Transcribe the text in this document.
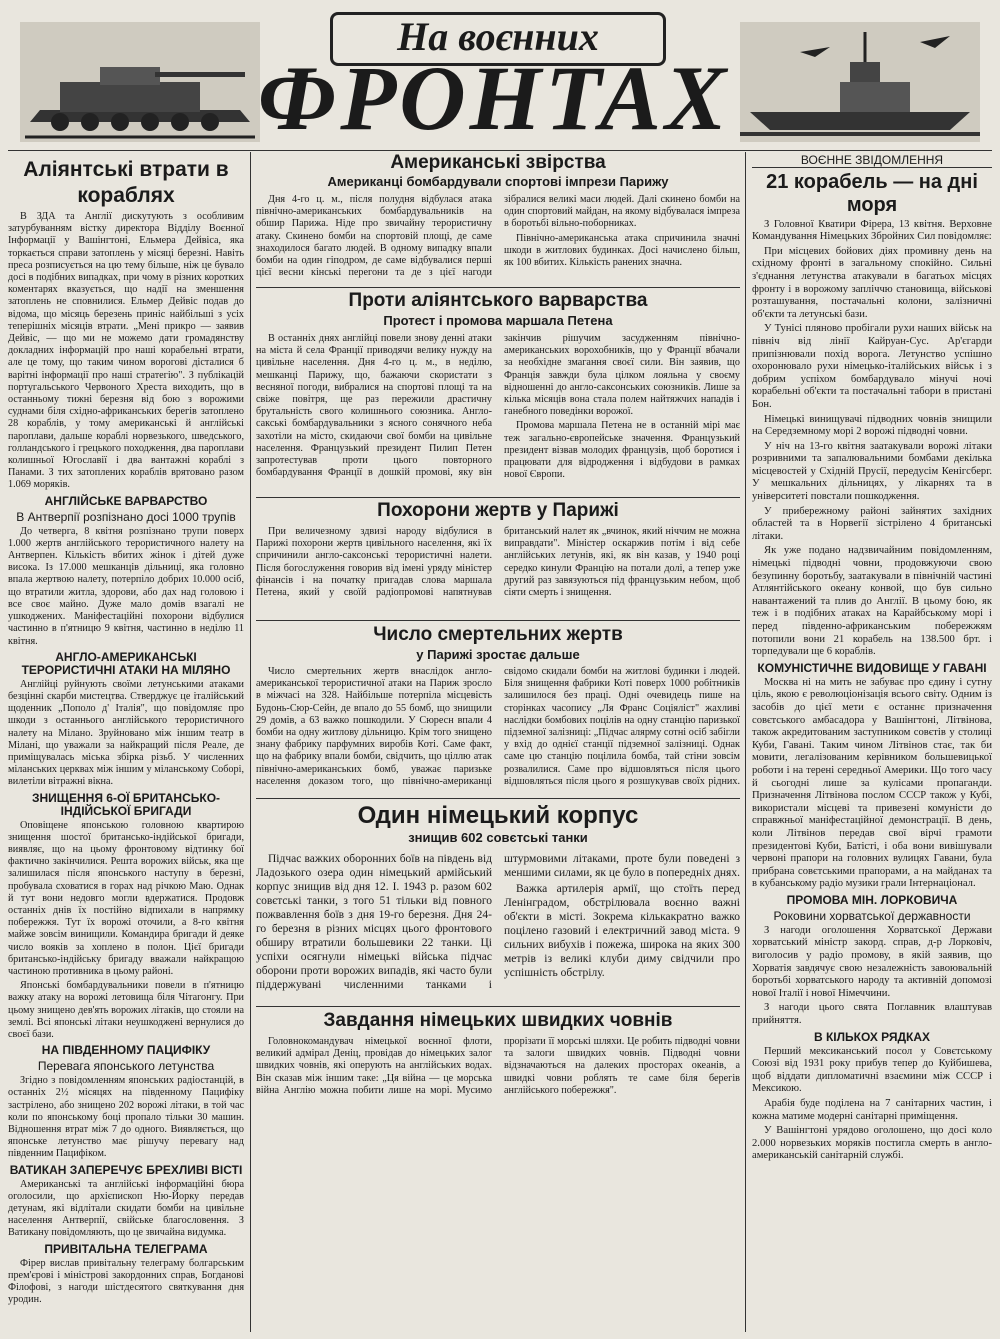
На воєнних
ФРОНТАХ
Аліянтські втрати в кораблях

В ЗДА та Англії дискутують з особливим затурбуванням вістку директора Відділу Воєнної Інформації у Вашінгтоні, Ельмера Дейвіса, яка торкається справи затоплень у місяці березні. Навіть преса розписується на цю тему більше, ніж це бувало досі в подібних випадках, при чому в різних коротких коментарях вказується, що надії на зменшення затоплень не сповнилися. Ельмер Дейвіс подав до відома, що місяць березень приніс найбільші з усіх теперішніх місяців втрати. „Мені прикро — заявив Дейвіс, — що ми не можемо дати громадянству докладних інформацій про наші корабельні втрати, але це тому, що таким чином ворогові дісталися б варітні інформації про наші стратегію". З публікацій португальського Червоного Хреста виходить, що в останньому тижні березня від бою з ворожими суднами біля східно-африканських берегів затоплено 28 кораблів, у тому американські й англійські пароплави, дальше кораблі норвезького, шведського, голландського і грецького походження, два пароплави колишньої Югославії і два вантажні кораблі з Панами. З тих затоплених кораблів врятовано разом 1.069 моряків.

АНГЛІЙСЬКЕ ВАРВАРСТВО
В Антверпії розпізнано досі 1000 трупів

До четверга, 8 квітня розпізнано трупи поверх 1.000 жертв англійського терористичного налету на Антверпен. Кількість вбитих жінок і дітей дуже висока. Із 17.000 мешканців дільниці, яка головно впала жертвою налету, потерпіло добрих 10.000 осіб, що втратили житла, здорови, або дах над головою і все своє майно. Дуже мало домів взагалі не ушкоджених. Маніфестаційні похорони відбулися частинно в п'ятницю 9 квітня, частинно в неділю 11 квітня.

АНГЛО-АМЕРИКАНСЬКІ ТЕРОРИСТИЧНІ АТАКИ НА МІЛЯНО

Англійці руйнують своїми летунськими атаками безцінні скарби мистецтва. Стверджує це італійський щоденник „Пополо д' Італія", що повідомляє про шкоди з останнього англійського терористичного налету на Мілано. Зруйновано між іншим театр в Мілані, що уважали за найкращий після Реале, де приміщувалась міська збірка різьб. У численних міланських церквах між іншим у міланському Соборі, вилетіли вітражні вікна.

ЗНИЩЕННЯ 6-ОЇ БРИТАНСЬКО-ІНДІЙСЬКОЇ БРИГАДИ

Оповіщене японською головною квартирою знищення шостої британсько-індійської бригади, виявляє, що на цьому фронтовому відтинку бої фактично закінчилися. Решта ворожих військ, яка ще залишилася після японського наступу в березні, пробувала сховатися в горах над річкою Маю. Однак й тут вони недовго могли вдержатися. Продовж останніх днів їх постійно відпихали в напрямку побережжя. Тут їх ворожі оточили, а 8-го квітня майже зовсім винищили. Командира бригади й деяке число вояків за хоплено в полон. Цієї бригади британсько-індійську бригаду вважали найкращою частиною противника в цьому районі.

Японські бомбардувальники повели в п'ятницю важку атаку на ворожі летовища біля Чітагонгу. При цьому знищено дев'ять ворожих літаків, що стояли на землі. Всі японські літаки неушкоджені вернулися до своєї бази.

НА ПІВДЕННОМУ ПАЦИФІКУ
Перевага японського летунства

Згідно з повідомленням японських радіостанцій, в останніх 2½ місяцях на південному Пацифіку застрілено, або знищено 202 ворожі літаки, в той час коли по японському боці пропало тільки 30 машин. Відношення втрат між 7 до одного. Виявляється, що японське летунство має рішучу перевагу над південним Пацифіком.

ВАТИКАН ЗАПЕРЕЧУЄ БРЕХЛИВІ ВІСТІ

Американські та англійські інформаційні бюра оголосили, що архієпископ Ню-Йорку передав детунам, які відлітали скидати бомби на цивільне населення Антверпії, свійське благословення. З Ватикану повідомляють, що це звичайна видумка.

ПРИВІТАЛЬНА ТЕЛЕГРАМА

Фірер вислав привітальну телеграму болгарським прем'єрові і міністрові закордонних справ, Богданові Філофові, з нагоди шістдесятого святкування дня уродин.

Американські звірства
Американці бомбардували спортові імпрези Парижу

Дня 4-го ц. м., після полудня відбулася атака північно-американських бомбардувальників на обшир Парижа. Ніде про звичайну терористичну атаку. Скинено бомби на спортовій площі, де саме знаходилося багато людей. В одному випадку впали бомби на один гіподром, де саме відбувалися перші цієї весни кінські перегони та де з цієї нагоди зібралися великі маси людей. Далі скинено бомби на один спортовий майдан, на якому відбувалася імпреза в боротьбі вільно-поборниках.

Північно-американська атака спричинила значні шкоди в житлових будинках. Досі начислено більш, як 100 вбитих. Кількість ранених значна.

Проти аліянтського варварства
Протест і промова маршала Петена

В останніх днях англійці повели знову денні атаки на міста й села Франції приводячи велику нужду на цивільне населення. Дня 4-го ц. м., в неділю, мешканці Парижу, що, бажаючи скористати з весняної погоди, вибралися на спортові площі та на свіже повітря, ще раз пережили драстичну брутальність свого колишнього союзника. Англо-сакські бомбардувальники з ясного сонячного неба захотіли на місто, скидаючи свої бомби на цивільне населення. Французький президент Пилип Петен запротестував проти цього повторного бомбардування Франції в дошкій промові, яку він закінчив рішучим засудженням північно-американських ворохобників, що у Франції вбачали за необхідне змагання своєї сили. Він заявив, що Франція завжди була цілком лояльна у своєму відношенні до англо-саксонських союзників. Лише за кілька місяців вона стала полем найтяжчих нападів і ганебного поведінки ворожої.

Промова маршала Петена не в останній мірі має теж загально-європейське значення. Французький президент візвав молодих французів, щоб боротися і працювати для відродження і відбудови в рамках нової Європи.

Похорони жертв у Парижі

При величезному здвизі народу відбулися в Парижі похорони жертв цивільного населення, які їх спричинили англо-саксонські терористичні налети. Після богослуження говорив від імені уряду міністер фінансів і на початку пригадав слова маршала Петена, який у своїй радіопромові напятнував британський налет як „вчинок, який ніччим не можна виправдати". Міністер оскаржив потім і від себе англійських летунів, які, як він казав, у 1940 році середко кинули Францію на потали долі, а тепер уже другий раз завязуються під французьким небом, щоб сіяти смерть і знищення.

Число смертельних жертв
у Парижі зростає дальше

Число смертельних жертв внаслідок англо-американської терористичної атаки на Париж зросло в міжчасі на 328. Найбільше потерпіла місцевість Будонь-Сюр-Сейн, де впало до 55 бомб, що знищили 29 домів, а 63 важко пошкодили. У Сюресн впали 4 бомби на одну житлову дільницю. Крім того знищено знану фабрику парфумних виробів Коті. Саме факт, що на фабрику впали бомби, свідчить, що ціллю атак північно-американських бомб, уважає паризьке населення доказом того, що північно-американці свідомо скидали бомби на житлові будинки і людей. Біля знищення фабрики Коті поверх 1000 робітників залишилося без праці. Одні очевидець пише на сторінках часопису „Ля Франс Соціяліст" жахливі наслідки бомбових поцілів на одну станцію паризької підземної залізниці: „Підчас алярму сотні осіб забігли у вхід до однієї станції підземної залізниці. Однак саме цю станцію поцілила бомба, тай стіни зовсім розвалилися. Саме про відшовляться після цього відшовляться після цього я розшукував своїх рідних.

Один німецький корпус
знищив 602 совєтські танки

Підчас важких оборонних боїв на південь від Ладозького озера один німецький армійський корпус знищив від дня 12. І. 1943 р. разом 602 совєтські танки, з того 51 тільки від повного пожвавлення боїв з дня 19-го березня. Дня 24-го березня в різних місцях цього фронтового обширу втратили большевики 22 танки. Ці успіхи осягнули німецькі війська підчас оборони проти ворожих випадів, які часто були піддержувані численними танками і штурмовими літаками, проте були поведені з меншими силами, як це було в попередніх днях.

Важка артилерія армії, що стоїть перед Ленінградом, обстрілювала воєнно важні об'єкти в місті. Зокрема кількакратно важко поцілено газовий і електричний завод міста. 9 сильних вибухів і пожежа, широка на яких 300 метрів із великі клуби диму свідчили про успішність обстрілу.

Завдання німецьких швидких човнів

Головнокомандувач німецької воєнної флоти, великий адмірал Деніц, провідав до німецьких залог швидких човнів, які оперують на англійських водах. Він сказав між іншим таке: „Ця війна — це морська війна Англію можна побити лише на морі. Мусимо прорізати її морські шляхи. Це робить підводні човни та залоги швидких човнів. Підводні човни відзначаються на далеких просторах океанів, а швидкі човни роблять те саме біля берегів англійського побережжя".

ВОЄННЕ ЗВІДОМЛЕННЯ
21 корабель — на дні моря

З Головної Кватири Фірера, 13 квітня. Верховне Командування Німецьких Збройних Сил повідомляє:

При місцевих бойових діях промивну день на східному фронті в загальному спокійно. Сильні з'єднання летунства атакували в багатьох місцях фронту і в ворожому запліччю становища, військові розташування, постачальні колони, залізничні об'єкти та летунські бази.

У Тунісі пляново пробігали рухи наших військ на північ від лінії Кайруан-Сус. Ар'єгарди припізнювали похід ворога. Летунство успішно охоронювало рухи німецько-італійських військ і з добрим успіхом бомбардувало мінучі ночі корабельні об'єкти та постачальні табори в пристані Бон.

Німецькі винищувачі підводних човнів знищили на Середземному морі 2 ворожі підводні човни.

У ніч на 13-го квітня заатакували ворожі літаки розривними та запалювальними бомбами декілька місцевостей у Східній Прусії, передусім Кенігсберг. У мешкальних дільницях, у лікарнях та в університеті повстали пошкодження.

У прибережному районі зайнятих західних областей та в Норвегії зістрілено 4 британські літаки.

Як уже подано надзвичайним повідомленням, німецькі підводні човни, продовжуючи свою безупинну боротьбу, заатакували в північній частині Атлянтійського океану конвой, що був сильно навантажений та плив до Англії. В цьому бою, як теж і в подібних атаках на Карайбському морі і перед південно-африканським побережжям потопили вони 21 корабель на 138.500 брт. і торпедували ще 6 кораблів.

КОМУНІСТИЧНЕ ВИДОВИЩЕ У ГАВАНІ

Москва ні на мить не забуває про єдину і сутну ціль, якою є революціонізація всього світу. Одним із засобів до цієї мети є останнє призначення совєтського амбасадора у Вашінгтоні, Літвінова, також акредитованим заступником совєтів у столиці Куби, Гавані. Таким чином Літвінов стає, так би мовити, легалізованим керівником большевицької роботи і на терені середньої Америки. Що того часу й сьогодні лише за кулісами пропаганди. Призначення Літвінова послом СССР також у Кубі, використали місцеві та привезені комуністи до справжньої маніфестаційної демонстрації. В день, коли Літвінов передав свої вірчі грамоти президентові Куби, Батісті, і оба вони вивішували червоні прапори на головних вулицях Гавани, була прибрана совєтськими прапорами, а на майданах та в кубанському радіо музики грали Інтернаціонал.

ПРОМОВА МІН. ЛОРКОВИЧА
Роковини хорватської державности

З нагоди оголошення Хорватської Держави хорватський міністр закорд. справ, д-р Лорковіч, виголосив у радіо промову, в якій заявив, що Хорватія завдячує свою незалежність завоювальній боротьбі хорватського народу та активній допомозі нової Італії і нової Німеччини.

З нагоди цього свята Поглавник влаштував прийняття.

В КІЛЬКОХ РЯДКАХ

Перший мексиканський посол у Совєтському Союзі від 1931 року прибув тепер до Куйбишева, щоб віддати дипломатичні взаємини між СССР і Мексикою.

Арабія буде поділена на 7 санітарних частин, і кожна матиме модерні санітарні приміщення.

У Вашінгтоні урядово оголошено, що досі коло 2.000 норвезьких моряків постигла смерть в англо-американській санітарній службі.
